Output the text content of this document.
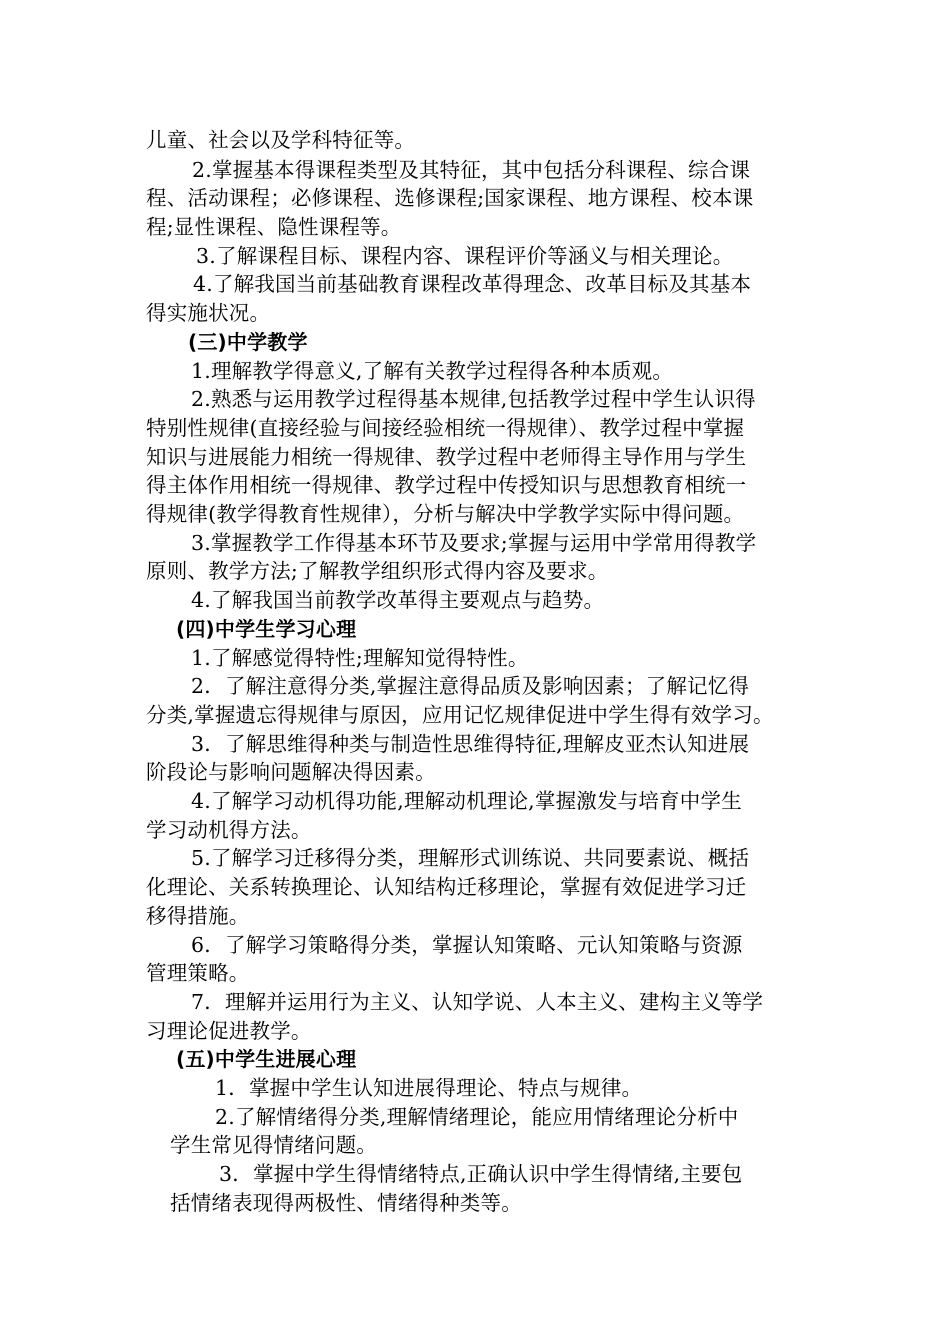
儿童、社会以及学科特征等。
2.掌握基本得课程类型及其特征，其中包括分科课程、综合课
程、活动课程；必修课程、选修课程;国家课程、地方课程、校本课
程;显性课程、隐性课程等。
3.了解课程目标、课程内容、课程评价等涵义与相关理论。
4.了解我国当前基础教育课程改革得理念、改革目标及其基本
得实施状况。
(三)中学教学
1.理解教学得意义,了解有关教学过程得各种本质观。
2.熟悉与运用教学过程得基本规律,包括教学过程中学生认识得
特别性规律(直接经验与间接经验相统一得规律）、教学过程中掌握
知识与进展能力相统一得规律、教学过程中老师得主导作用与学生
得主体作用相统一得规律、教学过程中传授知识与思想教育相统一
得规律(教学得教育性规律），分析与解决中学教学实际中得问题。
3.掌握教学工作得基本环节及要求;掌握与运用中学常用得教学
原则、教学方法;了解教学组织形式得内容及要求。
4.了解我国当前教学改革得主要观点与趋势。
(四)中学生学习心理
1.了解感觉得特性;理解知觉得特性。
2．了解注意得分类,掌握注意得品质及影响因素；了解记忆得
分类,掌握遗忘得规律与原因，应用记忆规律促进中学生得有效学习。
3．了解思维得种类与制造性思维得特征,理解皮亚杰认知进展
阶段论与影响问题解决得因素。
4.了解学习动机得功能,理解动机理论,掌握激发与培育中学生
学习动机得方法。
5.了解学习迁移得分类，理解形式训练说、共同要素说、概括
化理论、关系转换理论、认知结构迁移理论，掌握有效促进学习迁
移得措施。
6．了解学习策略得分类，掌握认知策略、元认知策略与资源
管理策略。
7．理解并运用行为主义、认知学说、人本主义、建构主义等学
习理论促进教学。
(五)中学生进展心理
1．掌握中学生认知进展得理论、特点与规律。
2.了解情绪得分类,理解情绪理论，能应用情绪理论分析中
学生常见得情绪问题。
3．掌握中学生得情绪特点,正确认识中学生得情绪,主要包
括情绪表现得两极性、情绪得种类等。
